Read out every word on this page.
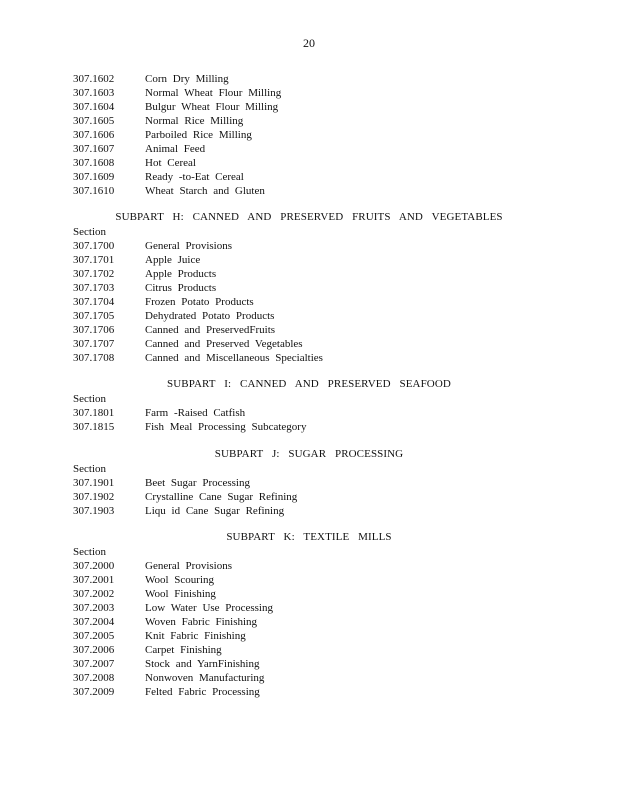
20
307.1602	Corn Dry Milling
307.1603	Normal Wheat Flour Milling
307.1604	Bulgur Wheat Flour Milling
307.1605	Normal Rice Milling
307.1606	Parboiled Rice Milling
307.1607	Animal Feed
307.1608	Hot Cereal
307.1609	Ready -to-Eat Cereal
307.1610	Wheat Starch and Gluten
SUBPART H: CANNED AND PRESERVED FRUITS AND VEGETABLES
Section
307.1700	General Provisions
307.1701	Apple Juice
307.1702	Apple Products
307.1703	Citrus Products
307.1704	Frozen Potato Products
307.1705	Dehydrated Potato Products
307.1706	Canned and PreservedFruits
307.1707	Canned and Preserved Vegetables
307.1708	Canned and Miscellaneous Specialties
SUBPART I: CANNED AND PRESERVED SEAFOOD
Section
307.1801	Farm -Raised Catfish
307.1815	Fish Meal Processing Subcategory
SUBPART J: SUGAR PROCESSING
Section
307.1901	Beet Sugar Processing
307.1902	Crystalline Cane Sugar Refining
307.1903	Liqu id Cane Sugar Refining
SUBPART K: TEXTILE MILLS
Section
307.2000	General Provisions
307.2001	Wool Scouring
307.2002	Wool Finishing
307.2003	Low Water Use Processing
307.2004	Woven Fabric Finishing
307.2005	Knit Fabric Finishing
307.2006	Carpet Finishing
307.2007	Stock and YarnFinishing
307.2008	Nonwoven Manufacturing
307.2009	Felted Fabric Processing
